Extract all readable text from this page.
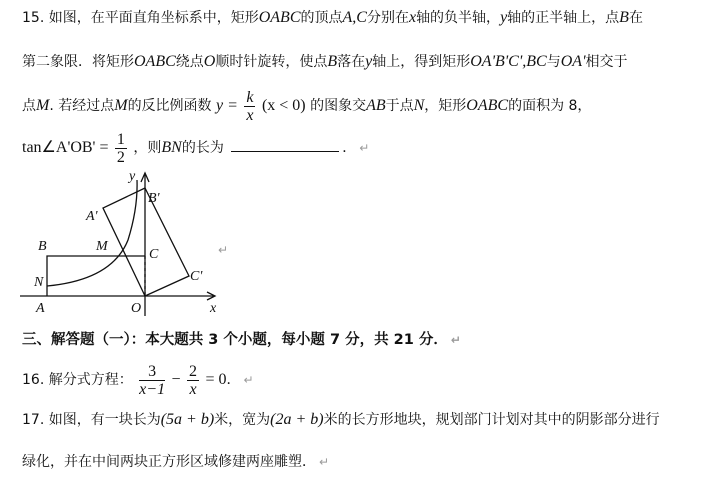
15. 如图，在平面直角坐标系中，矩形OABC的顶点A,C分别在x轴的负半轴，y轴的正半轴上，点B在
第二象限．将矩形OABC绕点O顺时针旋转，使点B落在y轴上，得到矩形OA'B'C',BC与OA'相交于
点M. 若经过点M的反比例函数 $y = \frac{k}{x} (x < 0)$ 的图象交AB于点N，矩形OABC的面积为 8，
tan∠A'OB' = $\frac{1}{2}$ ，则BN的长为	． ↵
y
x
B'
A'
B	M
C
N	C'
A	O
↵
三、解答题（一）：本大题共 3 个小题，每小题 7 分，共 21 分． ↵
16. 解分式方程： $\frac{3}{x-1} - \frac{2}{x} = 0$． ↵
17. 如图，有一块长为(5a + b)米，宽为(2a + b)米的长方形地块，规划部门计划对其中的阴影部分进行
绿化，并在中间两块正方形区域修建两座雕塑． ↵
